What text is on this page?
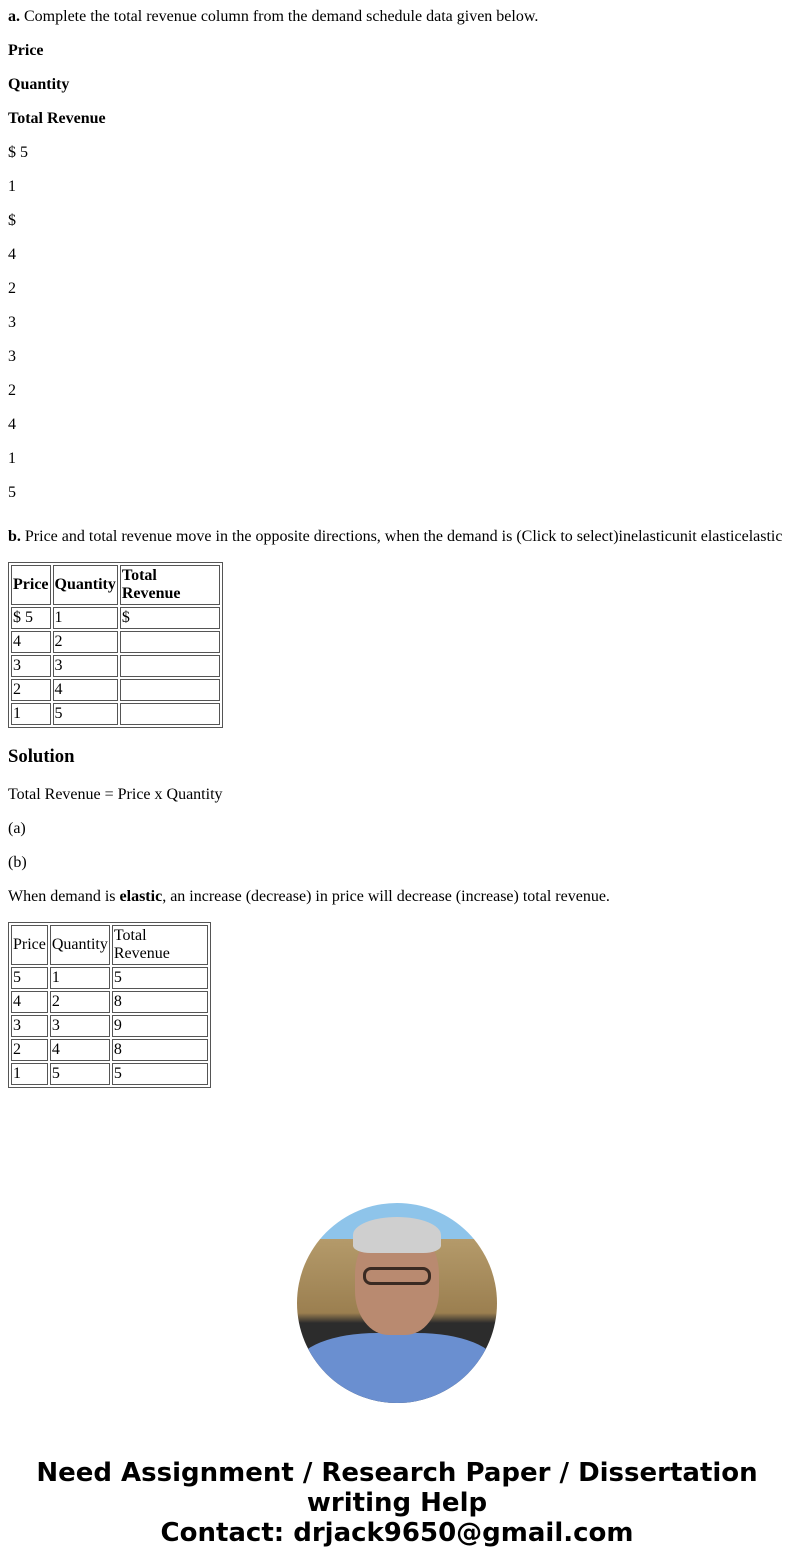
a. Complete the total revenue column from the demand schedule data given below.

Price

Quantity

Total Revenue

$ 5

1

$

4

2

3

3

2

4

1

5

b. Price and total revenue move in the opposite directions, when the demand is (Click to select)inelasticunit elasticelastic

Price	Quantity	Total Revenue
$ 5	1	$
4	2	
3	3	
2	4	
1	5	
Solution

Total Revenue = Price x Quantity

(a)

(b)

When demand is elastic, an increase (decrease) in price will decrease (increase) total revenue.

Price	Quantity	Total Revenue
5	1	5
4	2	8
3	3	9
2	4	8
1	5	5
Need Assignment / Research Paper / Dissertation
writing Help
Contact: drjack9650@gmail.com
